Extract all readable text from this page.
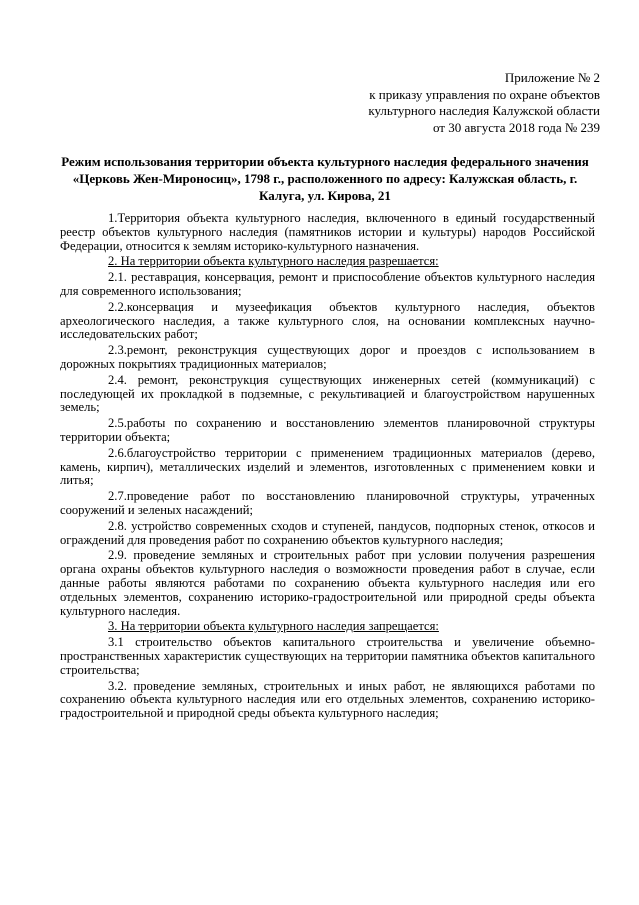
Приложение № 2
к приказу управления по охране объектов
культурного наследия Калужской области
от 30 августа 2018 года № 239
Режим использования территории объекта культурного наследия федерального значения «Церковь Жен-Мироносиц», 1798 г., расположенного по адресу: Калужская область, г. Калуга, ул. Кирова, 21

1.Территория объекта культурного наследия, включенного в единый государственный реестр объектов культурного наследия (памятников истории и культуры) народов Российской Федерации, относится к землям историко-культурного назначения.

2. На территории объекта культурного наследия разрешается:

2.1. реставрация, консервация, ремонт и приспособление объектов культурного наследия для современного использования;

2.2.консервация и музеефикация объектов культурного наследия, объектов археологического наследия, а также культурного слоя, на основании комплексных научно-исследовательских работ;

2.3.ремонт, реконструкция существующих дорог и проездов с использованием в дорожных покрытиях традиционных материалов;

2.4. ремонт, реконструкция существующих инженерных сетей (коммуникаций) с последующей их прокладкой в подземные, с рекультивацией и благоустройством нарушенных земель;

2.5.работы по сохранению и восстановлению элементов планировочной структуры территории объекта;

2.6.благоустройство территории с применением традиционных материалов (дерево, камень, кирпич), металлических изделий и элементов, изготовленных с применением ковки и литья;

2.7.проведение работ по восстановлению планировочной структуры, утраченных сооружений и зеленых насаждений;

2.8. устройство современных сходов и ступеней, пандусов, подпорных стенок, откосов и ограждений для проведения работ по сохранению объектов культурного наследия;

2.9. проведение земляных и строительных работ при условии получения разрешения органа охраны объектов культурного наследия о возможности проведения работ в случае, если данные работы являются работами по сохранению объекта культурного наследия или его отдельных элементов, сохранению историко-градостроительной или природной среды объекта культурного наследия.

3. На территории объекта культурного наследия запрещается:

3.1 строительство объектов капитального строительства и увеличение объемно-пространственных характеристик существующих на территории памятника объектов капитального строительства;

3.2. проведение земляных, строительных и иных работ, не являющихся работами по сохранению объекта культурного наследия или его отдельных элементов, сохранению историко-градостроительной и природной среды объекта культурного наследия;
